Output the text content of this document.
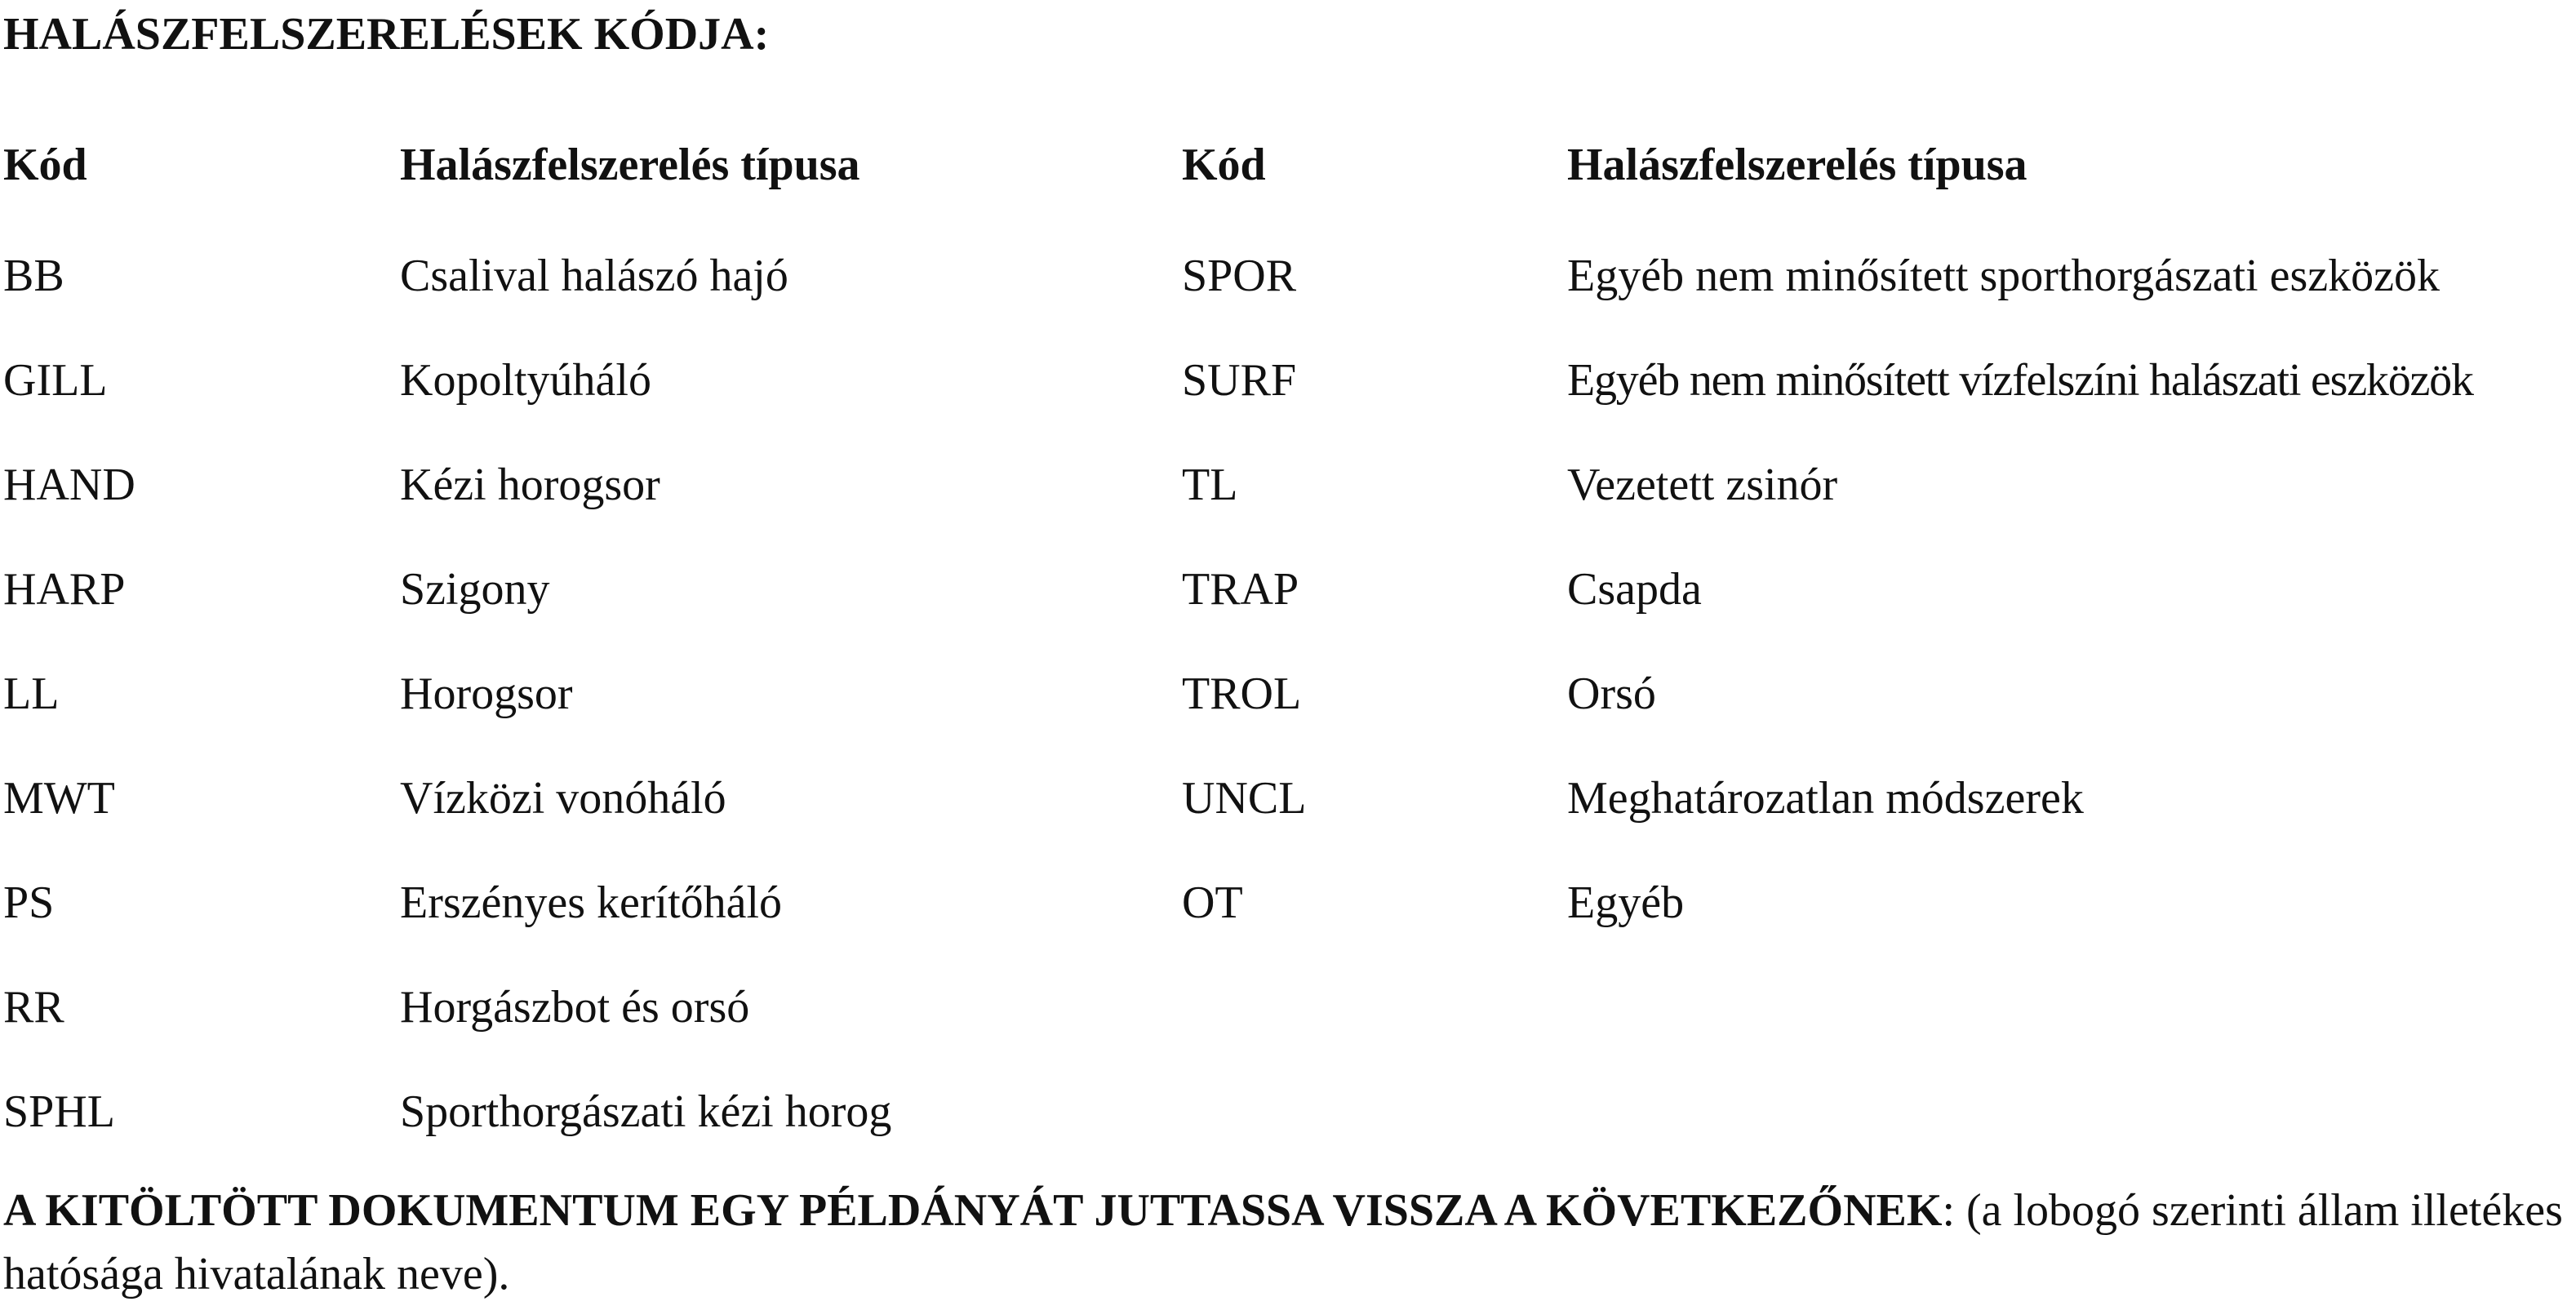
HALÁSZFELSZERELÉSEK KÓDJA:
Kód	Halászfelszerelés típusa	Kód	Halászfelszerelés típusa
BB	Csalival halászó hajó	SPOR	Egyéb nem minősített sporthorgászati eszközök
GILL	Kopoltyúháló	SURF	Egyéb nem minősített vízfelszíni halászati eszközök
HAND	Kézi horogsor	TL	Vezetett zsinór
HARP	Szigony	TRAP	Csapda
LL	Horogsor	TROL	Orsó
MWT	Vízközi vonóháló	UNCL	Meghatározatlan módszerek
PS	Erszényes kerítőháló	OT	Egyéb
RR	Horgászbot és orsó		
SPHL	Sporthorgászati kézi horog		

A KITÖLTÖTT DOKUMENTUM EGY PÉLDÁNYÁT JUTTASSA VISSZA A KÖVETKEZŐNEK: (a lobogó szerinti állam illetékes hatósága hivatalának neve).
